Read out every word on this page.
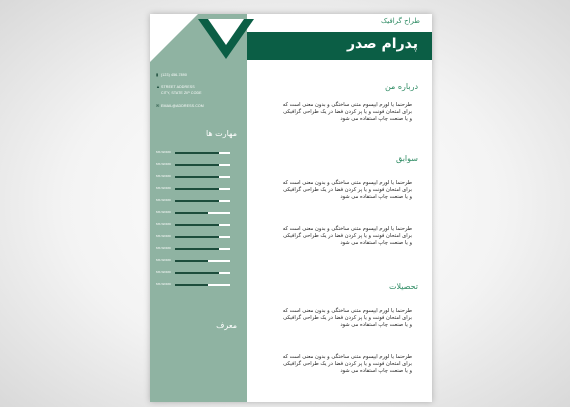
طراح گرافیک
پدرام صدر
▮ (123) 456-7890
▲STREET ADDRESS
CITY, STATE ZIP CODE
✉ EMAIL@ADDRESS.COM
مهارت ها
MS WORD
MS WORD
MS WORD
MS WORD
MS WORD
MS WORD
MS WORD
MS WORD
MS WORD
MS WORD
MS WORD
MS WORD
معرف
درباره من
طرحنما یا لورم ایپسوم متنی ساختگی و بدون معنی است که
برای امتحان فونت و یا پر کردن فضا در یک طراحی گرافیکی
و یا صنعت چاپ استفاده می شود
سوابق
طرحنما یا لورم ایپسوم متنی ساختگی و بدون معنی است که
برای امتحان فونت و یا پر کردن فضا در یک طراحی گرافیکی
و یا صنعت چاپ استفاده می شود
طرحنما یا لورم ایپسوم متنی ساختگی و بدون معنی است که
برای امتحان فونت و یا پر کردن فضا در یک طراحی گرافیکی
و یا صنعت چاپ استفاده می شود
تحصیلات
طرحنما یا لورم ایپسوم متنی ساختگی و بدون معنی است که
برای امتحان فونت و یا پر کردن فضا در یک طراحی گرافیکی
و یا صنعت چاپ استفاده می شود
طرحنما یا لورم ایپسوم متنی ساختگی و بدون معنی است که
برای امتحان فونت و یا پر کردن فضا در یک طراحی گرافیکی
و یا صنعت چاپ استفاده می شود
